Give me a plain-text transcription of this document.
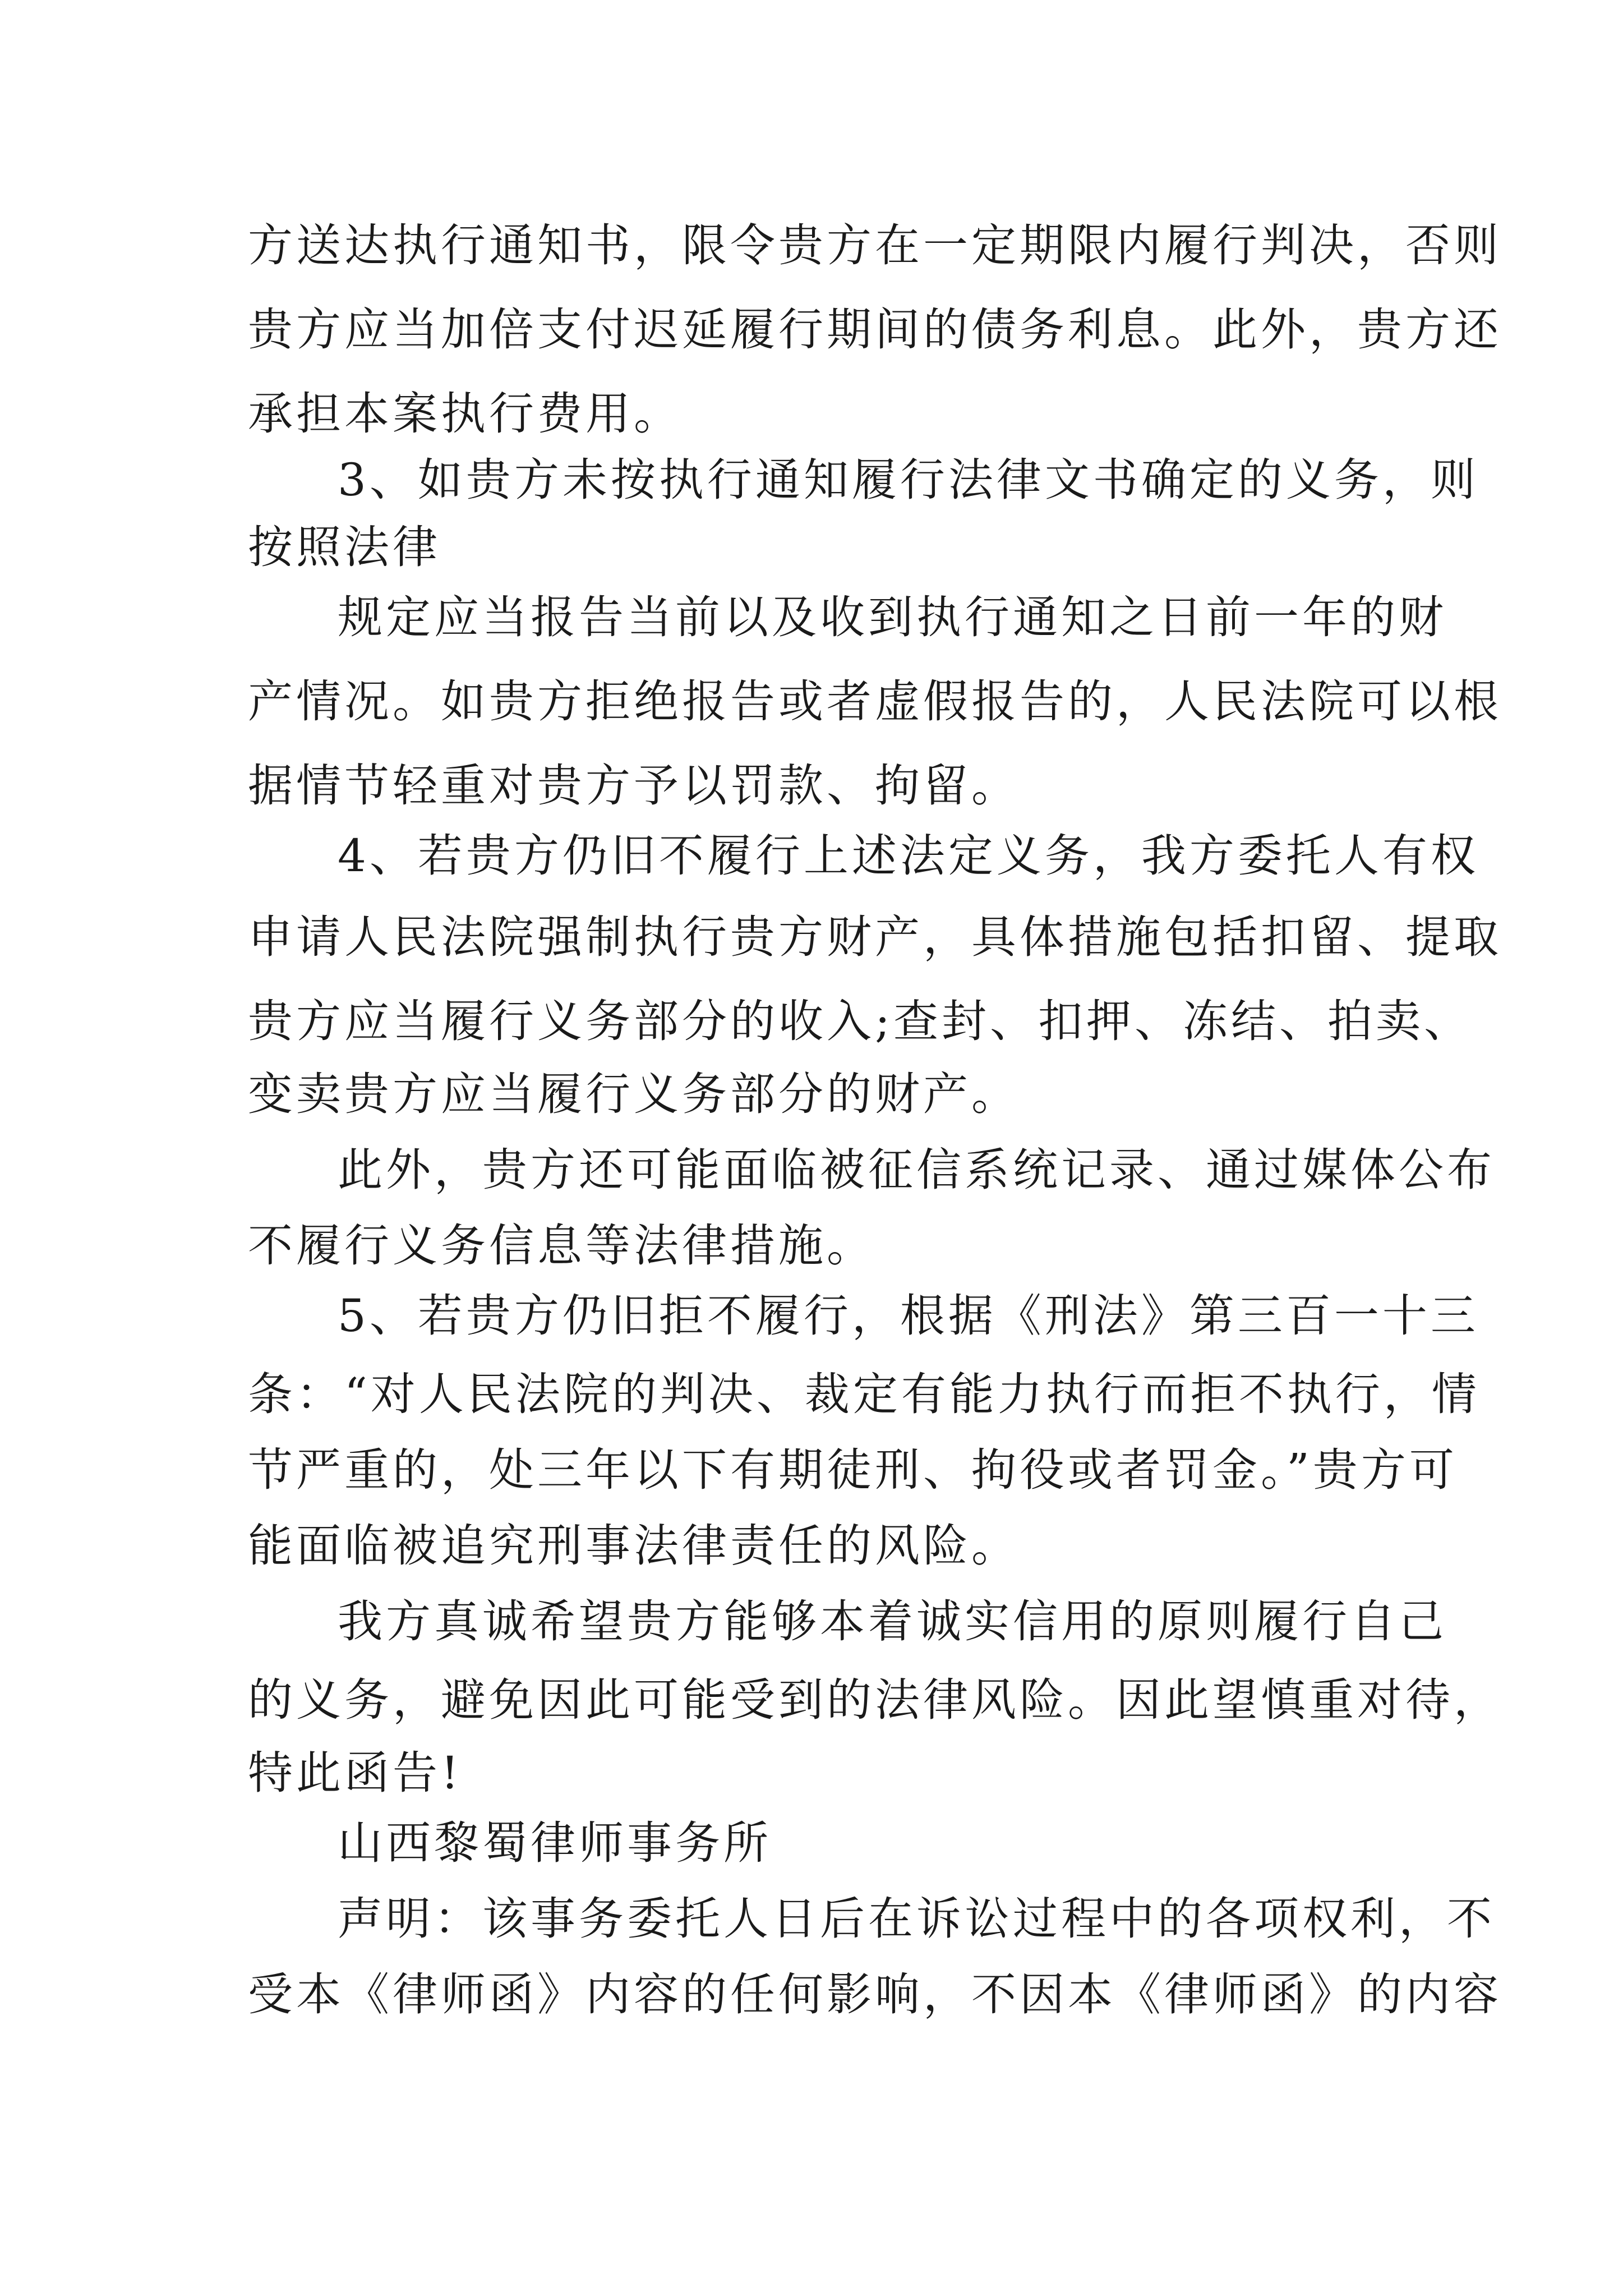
方送达执行通知书，限令贵方在一定期限内履行判决，否则
贵方应当加倍支付迟延履行期间的债务利息。此外，贵方还
承担本案执行费用。
3、如贵方未按执行通知履行法律文书确定的义务，则
按照法律
规定应当报告当前以及收到执行通知之日前一年的财
产情况。如贵方拒绝报告或者虚假报告的，人民法院可以根
据情节轻重对贵方予以罚款、拘留。
4、若贵方仍旧不履行上述法定义务，我方委托人有权
申请人民法院强制执行贵方财产，具体措施包括扣留、提取
贵方应当履行义务部分的收入;查封、扣押、冻结、拍卖、
变卖贵方应当履行义务部分的财产。
此外，贵方还可能面临被征信系统记录、通过媒体公布
不履行义务信息等法律措施。
5、若贵方仍旧拒不履行，根据《刑法》第三百一十三
条：“对人民法院的判决、裁定有能力执行而拒不执行，情
节严重的，处三年以下有期徒刑、拘役或者罚金。”贵方可
能面临被追究刑事法律责任的风险。
我方真诚希望贵方能够本着诚实信用的原则履行自己
的义务，避免因此可能受到的法律风险。因此望慎重对待，
特此函告!
山西黎蜀律师事务所
声明：该事务委托人日后在诉讼过程中的各项权利，不
受本《律师函》内容的任何影响，不因本《律师函》的内容
